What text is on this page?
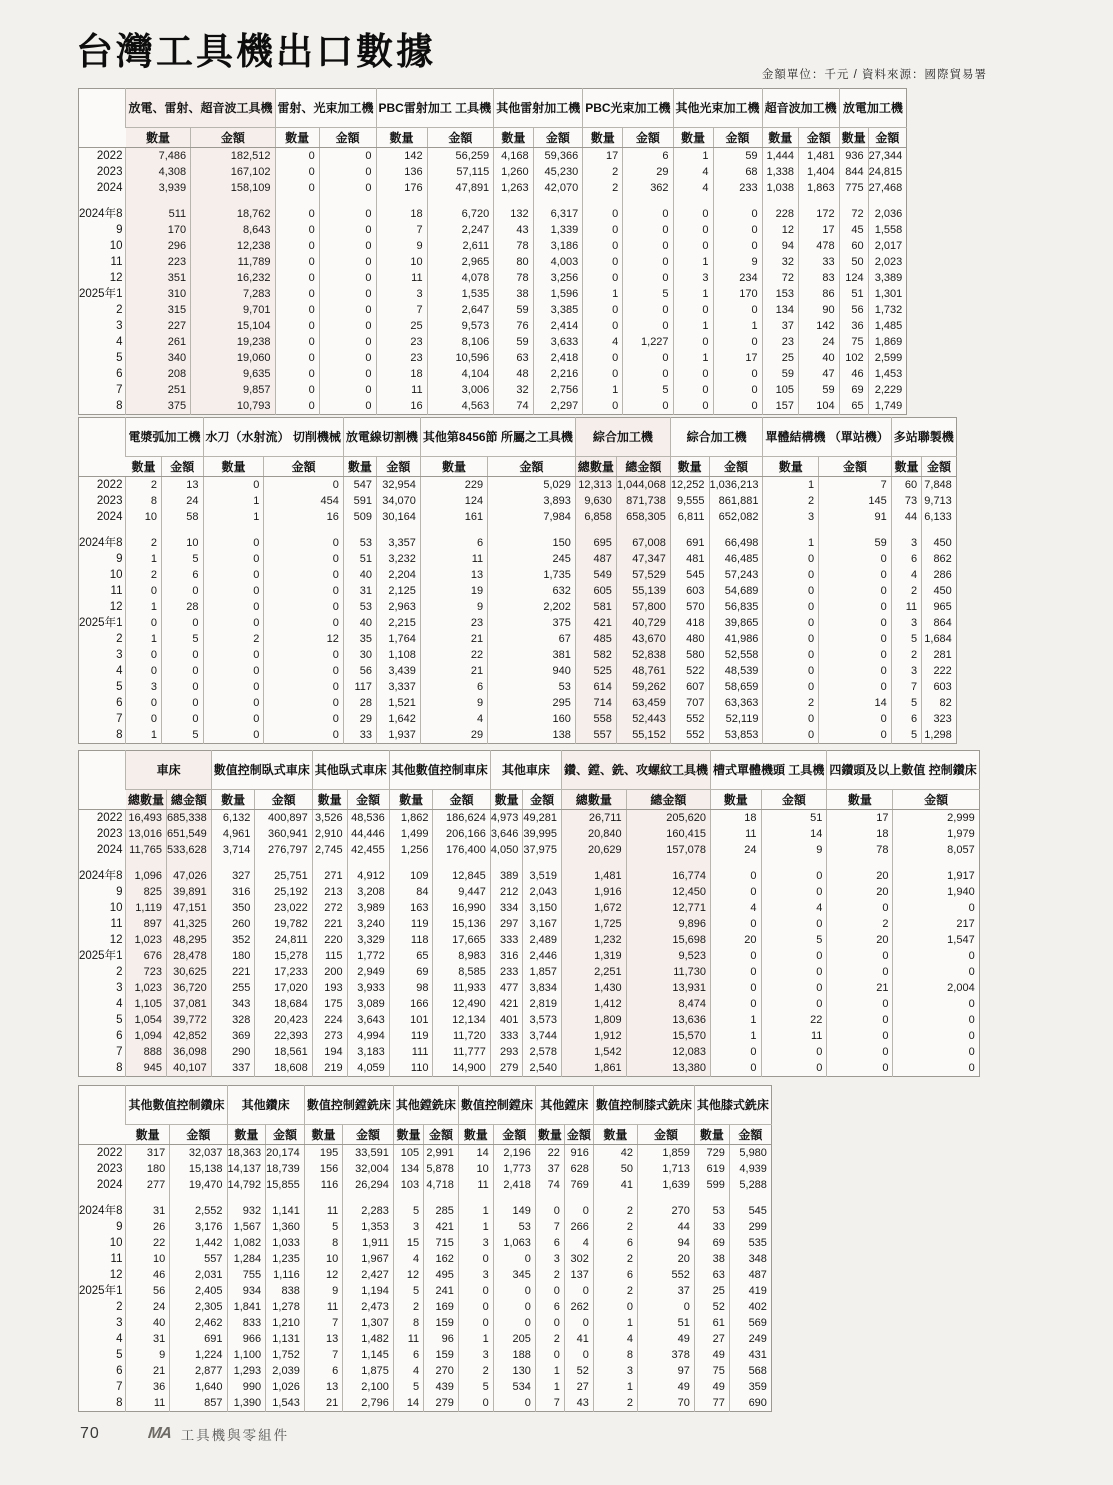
台灣工具機出口數據
金額單位：千元 / 資料來源：國際貿易署
	放電、雷射、超音波工具機		雷射、光束加工機		PBC雷射加工 工具機		其他雷射加工機		PBC光束加工機		其他光束加工機		超音波加工機		放電加工機	
	數量	金額	數量	金額	數量	金額	數量	金額	數量	金額	數量	金額	數量	金額	數量	金額
2022	7,486	182,512	0	0	142	56,259	4,168	59,366	17	6	1	59	1,444	1,481	936	27,344
2023	4,308	167,102	0	0	136	57,115	1,260	45,230	2	29	4	68	1,338	1,404	844	24,815
2024	3,939	158,109	0	0	176	47,891	1,263	42,070	2	362	4	233	1,038	1,863	775	27,468

2024年8	511	18,762	0	0	18	6,720	132	6,317	0	0	0	0	228	172	72	2,036
9	170	8,643	0	0	7	2,247	43	1,339	0	0	0	0	12	17	45	1,558
10	296	12,238	0	0	9	2,611	78	3,186	0	0	0	0	94	478	60	2,017
11	223	11,789	0	0	10	2,965	80	4,003	0	0	1	9	32	33	50	2,023
12	351	16,232	0	0	11	4,078	78	3,256	0	0	3	234	72	83	124	3,389
2025年1	310	7,283	0	0	3	1,535	38	1,596	1	5	1	170	153	86	51	1,301
2	315	9,701	0	0	7	2,647	59	3,385	0	0	0	0	134	90	56	1,732
3	227	15,104	0	0	25	9,573	76	2,414	0	0	1	1	37	142	36	1,485
4	261	19,238	0	0	23	8,106	59	3,633	4	1,227	0	0	23	24	75	1,869
5	340	19,060	0	0	23	10,596	63	2,418	0	0	1	17	25	40	102	2,599
6	208	9,635	0	0	18	4,104	48	2,216	0	0	0	0	59	47	46	1,453
7	251	9,857	0	0	11	3,006	32	2,756	1	5	0	0	105	59	69	2,229
8	375	10,793	0	0	16	4,563	74	2,297	0	0	0	0	157	104	65	1,749
	電漿弧加工機		水刀（水射流） 切削機械		放電線切割機		其他第8456節 所屬之工具機		綜合加工機		綜合加工機		單體結構機 （單站機）		多站聯製機	
	數量	金額	數量	金額	數量	金額	數量	金額	總數量	總金額	數量	金額	數量	金額	數量	金額
2022	2	13	0	0	547	32,954	229	5,029	12,313	1,044,068	12,252	1,036,213	1	7	60	7,848
2023	8	24	1	454	591	34,070	124	3,893	9,630	871,738	9,555	861,881	2	145	73	9,713
2024	10	58	1	16	509	30,164	161	7,984	6,858	658,305	6,811	652,082	3	91	44	6,133

2024年8	2	10	0	0	53	3,357	6	150	695	67,008	691	66,498	1	59	3	450
9	1	5	0	0	51	3,232	11	245	487	47,347	481	46,485	0	0	6	862
10	2	6	0	0	40	2,204	13	1,735	549	57,529	545	57,243	0	0	4	286
11	0	0	0	0	31	2,125	19	632	605	55,139	603	54,689	0	0	2	450
12	1	28	0	0	53	2,963	9	2,202	581	57,800	570	56,835	0	0	11	965
2025年1	0	0	0	0	40	2,215	23	375	421	40,729	418	39,865	0	0	3	864
2	1	5	2	12	35	1,764	21	67	485	43,670	480	41,986	0	0	5	1,684
3	0	0	0	0	30	1,108	22	381	582	52,838	580	52,558	0	0	2	281
4	0	0	0	0	56	3,439	21	940	525	48,761	522	48,539	0	0	3	222
5	3	0	0	0	117	3,337	6	53	614	59,262	607	58,659	0	0	7	603
6	0	0	0	0	28	1,521	9	295	714	63,459	707	63,363	2	14	5	82
7	0	0	0	0	29	1,642	4	160	558	52,443	552	52,119	0	0	6	323
8	1	5	0	0	33	1,937	29	138	557	55,152	552	53,853	0	0	5	1,298
	車床		數值控制臥式車床		其他臥式車床		其他數值控制車床		其他車床		鑽、鏜、銑、攻螺紋工具機		槽式單體機頭 工具機		四鑽頭及以上數值 控制鑽床	
	總數量	總金額	數量	金額	數量	金額	數量	金額	數量	金額	總數量	總金額	數量	金額	數量	金額
2022	16,493	685,338	6,132	400,897	3,526	48,536	1,862	186,624	4,973	49,281	26,711	205,620	18	51	17	2,999
2023	13,016	651,549	4,961	360,941	2,910	44,446	1,499	206,166	3,646	39,995	20,840	160,415	11	14	18	1,979
2024	11,765	533,628	3,714	276,797	2,745	42,455	1,256	176,400	4,050	37,975	20,629	157,078	24	9	78	8,057

2024年8	1,096	47,026	327	25,751	271	4,912	109	12,845	389	3,519	1,481	16,774	0	0	20	1,917
9	825	39,891	316	25,192	213	3,208	84	9,447	212	2,043	1,916	12,450	0	0	20	1,940
10	1,119	47,151	350	23,022	272	3,989	163	16,990	334	3,150	1,672	12,771	4	4	0	0
11	897	41,325	260	19,782	221	3,240	119	15,136	297	3,167	1,725	9,896	0	0	2	217
12	1,023	48,295	352	24,811	220	3,329	118	17,665	333	2,489	1,232	15,698	20	5	20	1,547
2025年1	676	28,478	180	15,278	115	1,772	65	8,983	316	2,446	1,319	9,523	0	0	0	0
2	723	30,625	221	17,233	200	2,949	69	8,585	233	1,857	2,251	11,730	0	0	0	0
3	1,023	36,720	255	17,020	193	3,933	98	11,933	477	3,834	1,430	13,931	0	0	21	2,004
4	1,105	37,081	343	18,684	175	3,089	166	12,490	421	2,819	1,412	8,474	0	0	0	0
5	1,054	39,772	328	20,423	224	3,643	101	12,134	401	3,573	1,809	13,636	1	22	0	0
6	1,094	42,852	369	22,393	273	4,994	119	11,720	333	3,744	1,912	15,570	1	11	0	0
7	888	36,098	290	18,561	194	3,183	111	11,777	293	2,578	1,542	12,083	0	0	0	0
8	945	40,107	337	18,608	219	4,059	110	14,900	279	2,540	1,861	13,380	0	0	0	0
	其他數值控制鑽床		其他鑽床		數值控制鏜銑床		其他鏜銑床		數值控制鏜床		其他鏜床		數值控制膝式銑床		其他膝式銑床	
	數量	金額	數量	金額	數量	金額	數量	金額	數量	金額	數量	金額	數量	金額	數量	金額
2022	317	32,037	18,363	20,174	195	33,591	105	2,991	14	2,196	22	916	42	1,859	729	5,980
2023	180	15,138	14,137	18,739	156	32,004	134	5,878	10	1,773	37	628	50	1,713	619	4,939
2024	277	19,470	14,792	15,855	116	26,294	103	4,718	11	2,418	74	769	41	1,639	599	5,288

2024年8	31	2,552	932	1,141	11	2,283	5	285	1	149	0	0	2	270	53	545
9	26	3,176	1,567	1,360	5	1,353	3	421	1	53	7	266	2	44	33	299
10	22	1,442	1,082	1,033	8	1,911	15	715	3	1,063	6	4	6	94	69	535
11	10	557	1,284	1,235	10	1,967	4	162	0	0	3	302	2	20	38	348
12	46	2,031	755	1,116	12	2,427	12	495	3	345	2	137	6	552	63	487
2025年1	56	2,405	934	838	9	1,194	5	241	0	0	0	0	2	37	25	419
2	24	2,305	1,841	1,278	11	2,473	2	169	0	0	6	262	0	0	52	402
3	40	2,462	833	1,210	7	1,307	8	159	0	0	0	0	1	51	61	569
4	31	691	966	1,131	13	1,482	11	96	1	205	2	41	4	49	27	249
5	9	1,224	1,100	1,752	7	1,145	6	159	3	188	0	0	8	378	49	431
6	21	2,877	1,293	2,039	6	1,875	4	270	2	130	1	52	3	97	75	568
7	36	1,640	990	1,026	13	2,100	5	439	5	534	1	27	1	49	49	359
8	11	857	1,390	1,543	21	2,796	14	279	0	0	7	43	2	70	77	690
70	MA 工具機與零組件
